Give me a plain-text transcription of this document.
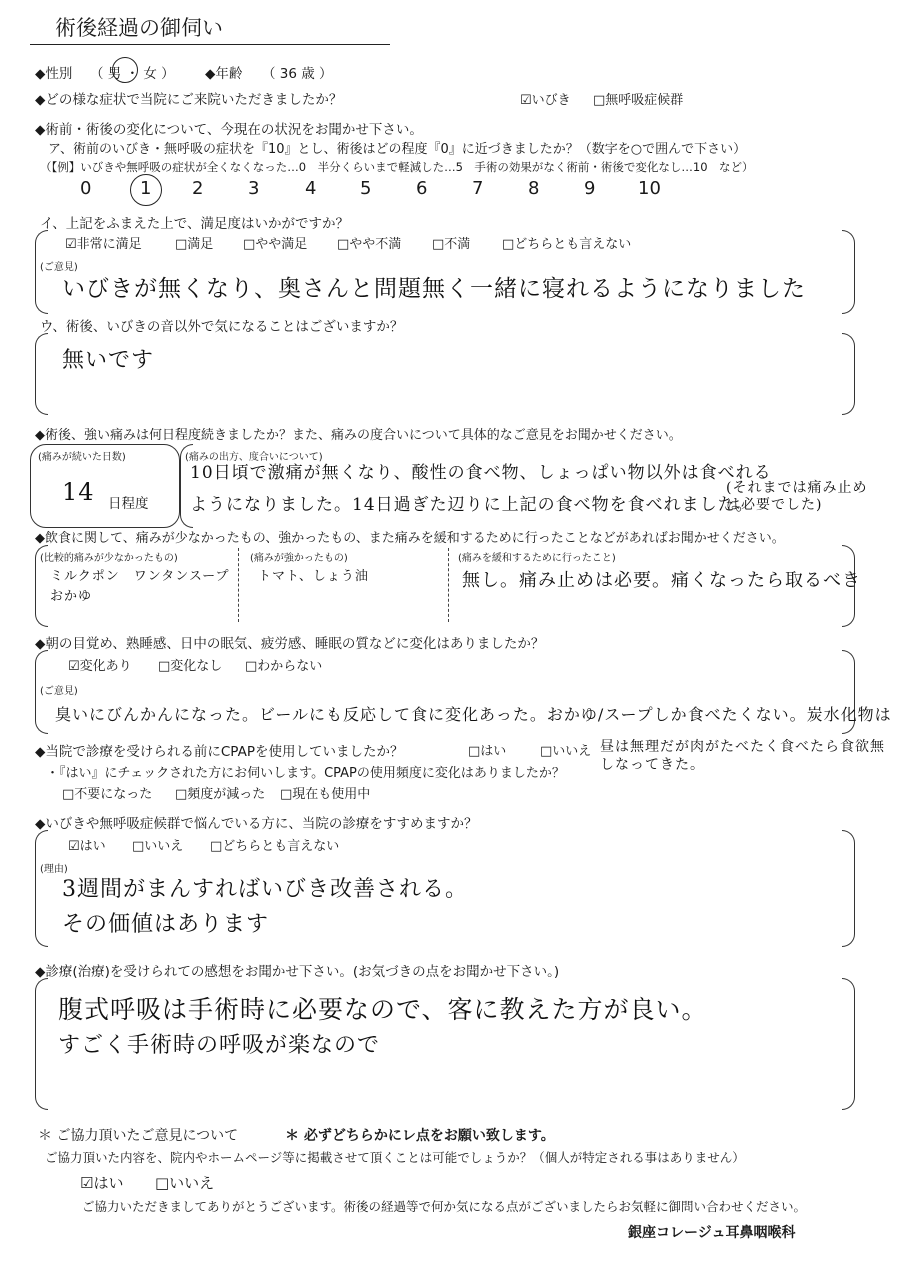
術後経過の御伺い
◆性別 （ 男 ・ 女 ） ◆年齢 （ 36 歳 ）
◆どの様な症状で当院にご来院いただきましたか？	☑いびき □無呼吸症候群
◆術前・術後の変化について、今現在の状況をお聞かせ下さい。
ア、術前のいびき・無呼吸の症状を『10』とし、術後はどの程度『0』に近づきましたか？（数字を○で囲んで下さい）
（【例】いびきや無呼吸の症状が全くなくなった…0　半分くらいまで軽減した…5　手術の効果がなく術前・術後で変化なし…10　など）
0	1 2 3	4 5 6 7 8 9 10
イ、上記をふまえた上で、満足度はいかがですか？
☑非常に満足	□満足 □やや満足 □やや不満 □不満 □どちらとも言えない
(ご意見)
いびきが無くなり、奥さんと問題無く一緒に寝れるようになりました
ウ、術後、いびきの音以外で気になることはございますか？
無いです
◆術後、強い痛みは何日程度続きましたか？また、痛みの度合いについて具体的なご意見をお聞かせください。
(痛みが続いた日数)
14 日程度
(痛みの出方、度合いについて)
10日頃で激痛が無くなり、酸性の食べ物、しょっぱい物以外は食べれる
ようになりました。14日過ぎた辺りに上記の食べ物を食べれました。
(それまでは痛み止めは必要でした)
◆飲食に関して、痛みが少なかったもの、強かったもの、また痛みを緩和するために行ったことなどがあればお聞かせください。
(比較的痛みが少なかったもの)
ミルクポン　ワンタンスープ
おかゆ
(痛みが強かったもの)
トマト、しょう油
(痛みを緩和するために行ったこと)
無し。痛み止めは必要。痛くなったら取るべき
◆朝の目覚め、熟睡感、日中の眠気、疲労感、睡眠の質などに変化はありましたか？
☑変化あり □変化なし □わからない
(ご意見)
臭いにびんかんになった。ビールにも反応して食に変化あった。おかゆ/スープしか食べたくない。炭水化物は
昼は無理だが肉がたべたく食べたら食欲無しなってきた。
◆当院で診療を受けられる前にCPAPを使用していましたか？	□はい	□いいえ
・『はい』にチェックされた方にお伺いします。CPAPの使用頻度に変化はありましたか？
□不要になった □頻度が減った □現在も使用中
◆いびきや無呼吸症候群で悩んでいる方に、当院の診療をすすめますか？
☑はい □いいえ □どちらとも言えない
(理由)
3週間がまんすればいびき改善される。
その価値はあります
◆診療(治療)を受けられての感想をお聞かせ下さい。(お気づきの点をお聞かせ下さい。)
腹式呼吸は手術時に必要なので、客に教えた方が良い。
すごく手術時の呼吸が楽なので
＊ ご協力頂いたご意見について	＊ 必ずどちらかにレ点をお願い致します。
ご協力頂いた内容を、院内やホームページ等に掲載させて頂くことは可能でしょうか？（個人が特定される事はありません）
☑はい □いいえ
ご協力いただきましてありがとうございます。術後の経過等で何か気になる点がございましたらお気軽に御問い合わせください。
銀座コレージュ耳鼻咽喉科
